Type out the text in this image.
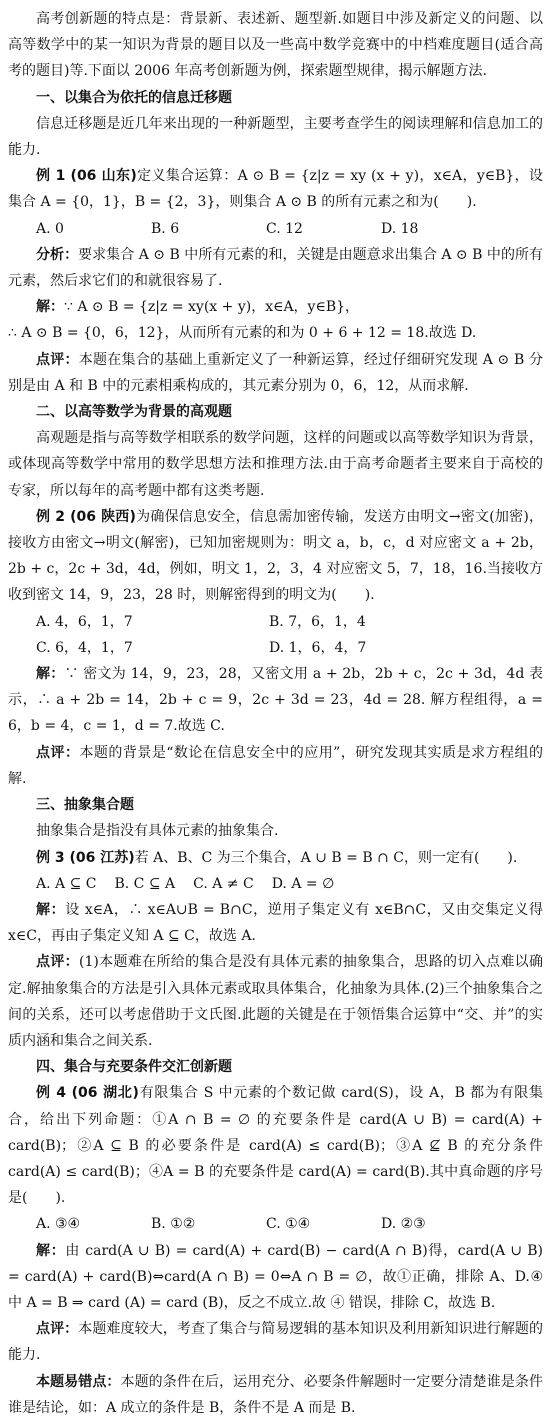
高考创新题的特点是：背景新、表述新、题型新.如题目中涉及新定义的问题、以高等数学中的某一知识为背景的题目以及一些高中数学竞赛中的中档难度题目(适合高考的题目)等.下面以 2006 年高考创新题为例，探索题型规律，揭示解题方法.

一、以集合为依托的信息迁移题

信息迁移题是近几年来出现的一种新题型，主要考查学生的阅读理解和信息加工的能力.

例 1 (06 山东)定义集合运算：A ⊙ B = {z|z = xy (x + y)，x∈A，y∈B}，设集合 A = {0，1}，B = {2，3}，则集合 A ⊙ B 的所有元素之和为(　　).

A. 0	B. 6	C. 12	D. 18

分析：要求集合 A ⊙ B 中所有元素的和，关键是由题意求出集合 A ⊙ B 中的所有元素，然后求它们的和就很容易了.

解：∵ A ⊙ B = {z|z = xy(x + y)，x∈A，y∈B}，

∴ A ⊙ B = {0，6，12}，从而所有元素的和为 0 + 6 + 12 = 18.故选 D.

点评：本题在集合的基础上重新定义了一种新运算，经过仔细研究发现 A ⊙ B 分别是由 A 和 B 中的元素相乘构成的，其元素分别为 0，6，12，从而求解.

二、以高等数学为背景的高观题

高观题是指与高等数学相联系的数学问题，这样的问题或以高等数学知识为背景，或体现高等数学中常用的数学思想方法和推理方法.由于高考命题者主要来自于高校的专家，所以每年的高考题中都有这类考题.

例 2 (06 陕西)为确保信息安全，信息需加密传输，发送方由明文→密文(加密)，接收方由密文→明文(解密)，已知加密规则为：明文 a，b，c，d 对应密文 a + 2b，2b + c，2c + 3d，4d，例如，明文 1，2，3，4 对应密文 5，7，18，16.当接收方收到密文 14，9，23，28 时，则解密得到的明文为(　　).

A. 4，6，1，7	B. 7，6，1，4
C. 6，4，1，7	D. 1，6，4，7

解：∵ 密文为 14，9，23，28，又密文用 a + 2b，2b + c，2c + 3d，4d 表示，∴ a + 2b = 14，2b + c = 9，2c + 3d = 23，4d = 28. 解方程组得，a = 6，b = 4，c = 1，d = 7.故选 C.

点评：本题的背景是“数论在信息安全中的应用”，研究发现其实质是求方程组的解.

三、抽象集合题

抽象集合是指没有具体元素的抽象集合.

例 3 (06 江苏)若 A、B、C 为三个集合，A ∪ B = B ∩ C，则一定有(　　).

A. A ⊆ C B. C ⊆ A C. A ≠ C D. A = ∅

解：设 x∈A，∴ x∈A∪B = B∩C，逆用子集定义有 x∈B∩C，又由交集定义得 x∈C，再由子集定义知 A ⊆ C，故选 A.

点评：(1)本题难在所给的集合是没有具体元素的抽象集合，思路的切入点难以确定.解抽象集合的方法是引入具体元素或取具体集合，化抽象为具体.(2)三个抽象集合之间的关系，还可以考虑借助于文氏图.此题的关键是在于领悟集合运算中“交、并”的实质内涵和集合之间关系.

四、集合与充要条件交汇创新题

例 4 (06 湖北)有限集合 S 中元素的个数记做 card(S)，设 A，B 都为有限集合，给出下列命题：①A ∩ B = ∅ 的充要条件是 card(A ∪ B) = card(A) + card(B)；②A ⊆ B 的必要条件是 card(A) ≤ card(B)；③A ⊈ B 的充分条件 card(A) ≤ card(B)；④A = B 的充要条件是 card(A) = card(B).其中真命题的序号是(　　).

A. ③④	B. ①②	C. ①④	D. ②③

解：由 card(A ∪ B) = card(A) + card(B) − card(A ∩ B)得，card(A ∪ B) = card(A) + card(B)⇔card(A ∩ B) = 0⇔A ∩ B = ∅，故①正确，排除 A、D.④中 A = B ⇒ card (A) = card (B)，反之不成立.故 ④ 错误，排除 C，故选 B.

点评：本题难度较大，考查了集合与简易逻辑的基本知识及利用新知识进行解题的能力.

本题易错点：本题的条件在后，运用充分、必要条件解题时一定要分清楚谁是条件谁是结论，如：A 成立的条件是 B，条件不是 A 而是 B.
